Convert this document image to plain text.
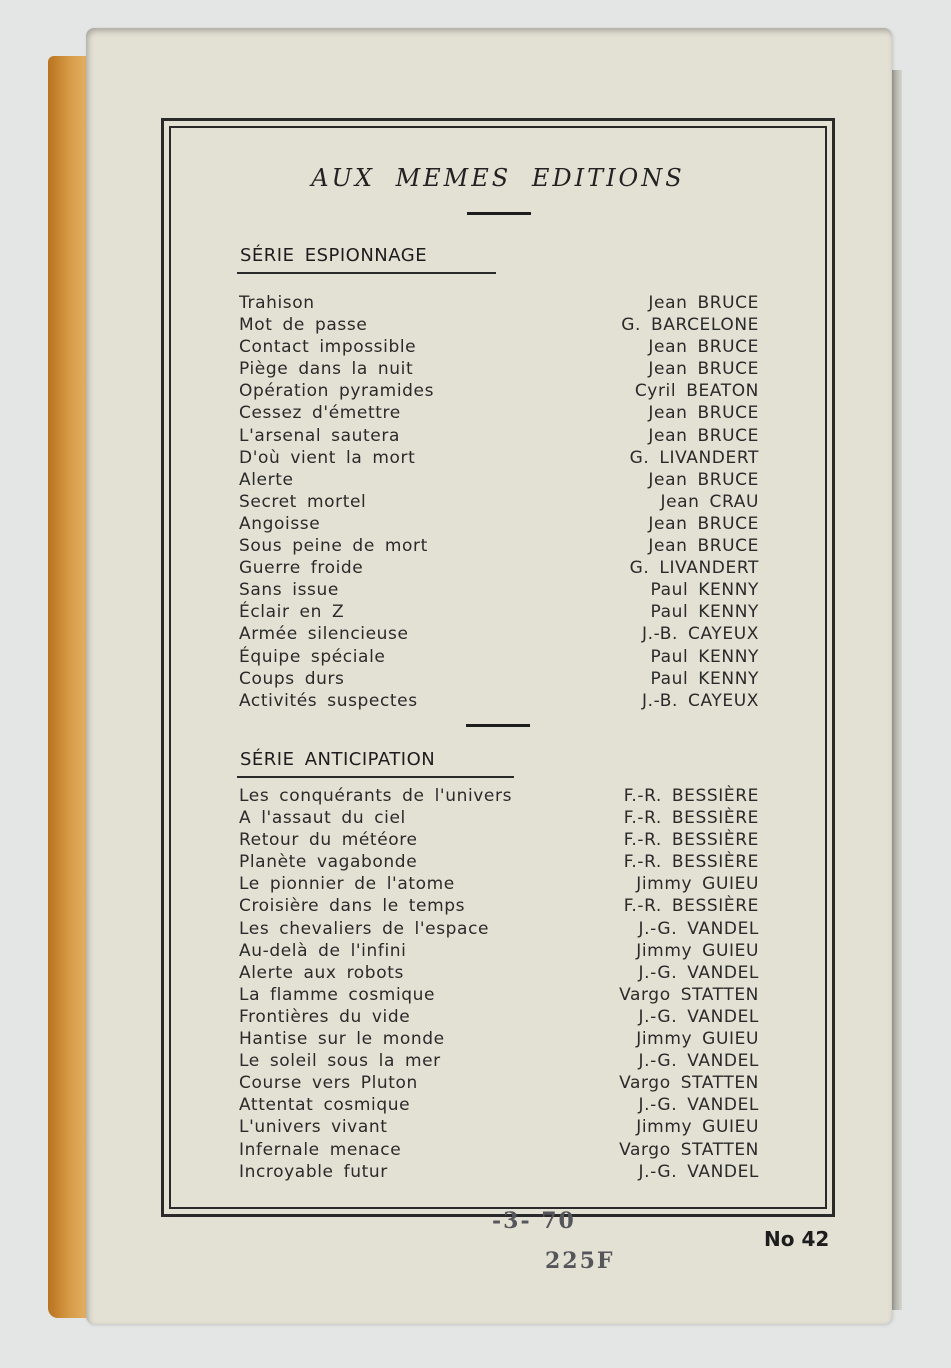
AUX MEMES EDITIONS
SÉRIE ESPIONNAGE
Trahison	Jean BRUCE
Mot de passe	G. BARCELONE
Contact impossible	Jean BRUCE
Piège dans la nuit	Jean BRUCE
Opération pyramides	Cyril BEATON
Cessez d'émettre	Jean BRUCE
L'arsenal sautera	Jean BRUCE
D'où vient la mort	G. LIVANDERT
Alerte	Jean BRUCE
Secret mortel	Jean CRAU
Angoisse	Jean BRUCE
Sous peine de mort	Jean BRUCE
Guerre froide	G. LIVANDERT
Sans issue	Paul KENNY
Éclair en Z	Paul KENNY
Armée silencieuse	J.-B. CAYEUX
Équipe spéciale	Paul KENNY
Coups durs	Paul KENNY
Activités suspectes	J.-B. CAYEUX
SÉRIE ANTICIPATION
Les conquérants de l'univers	F.-R. BESSIÈRE
A l'assaut du ciel	F.-R. BESSIÈRE
Retour du météore	F.-R. BESSIÈRE
Planète vagabonde	F.-R. BESSIÈRE
Le pionnier de l'atome	Jimmy GUIEU
Croisière dans le temps	F.-R. BESSIÈRE
Les chevaliers de l'espace	J.-G. VANDEL
Au-delà de l'infini	Jimmy GUIEU
Alerte aux robots	J.-G. VANDEL
La flamme cosmique	Vargo STATTEN
Frontières du vide	J.-G. VANDEL
Hantise sur le monde	Jimmy GUIEU
Le soleil sous la mer	J.-G. VANDEL
Course vers Pluton	Vargo STATTEN
Attentat cosmique	J.-G. VANDEL
L'univers vivant	Jimmy GUIEU
Infernale menace	Vargo STATTEN
Incroyable futur	J.-G. VANDEL
-3- 70
225F
No 42
